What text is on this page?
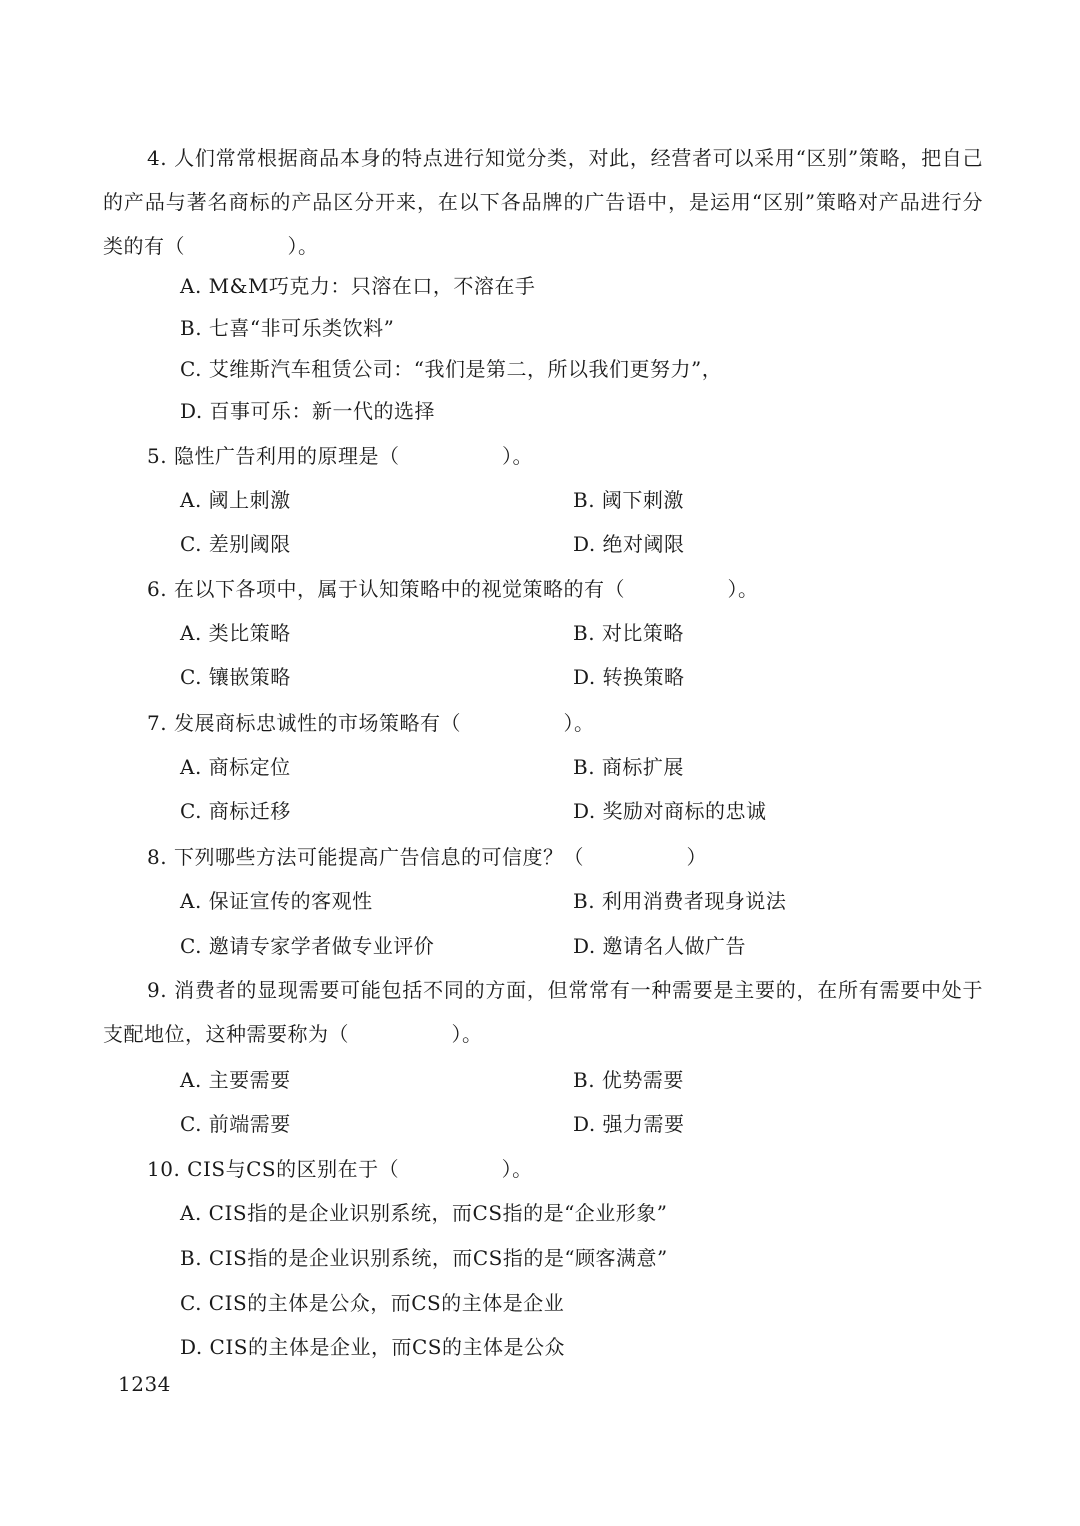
4. 人们常常根据商品本身的特点进行知觉分类，对此，经营者可以采用“区别”策略，把自己的产品与著名商标的产品区分开来，在以下各品牌的广告语中，是运用“区别”策略对产品进行分类的有（　　　　　）。
A. M&M巧克力：只溶在口，不溶在手
B. 七喜“非可乐类饮料”
C. 艾维斯汽车租赁公司：“我们是第二，所以我们更努力”，
D. 百事可乐：新一代的选择
5. 隐性广告利用的原理是（　　　　　）。
A. 阈上刺激	B. 阈下刺激
C. 差别阈限	D. 绝对阈限
6. 在以下各项中，属于认知策略中的视觉策略的有（　　　　　）。
A. 类比策略	B. 对比策略
C. 镶嵌策略	D. 转换策略
7. 发展商标忠诚性的市场策略有（　　　　　）。
A. 商标定位	B. 商标扩展
C. 商标迁移	D. 奖励对商标的忠诚
8. 下列哪些方法可能提高广告信息的可信度？（　　　　　）
A. 保证宣传的客观性	B. 利用消费者现身说法
C. 邀请专家学者做专业评价	D. 邀请名人做广告
9. 消费者的显现需要可能包括不同的方面，但常常有一种需要是主要的，在所有需要中处于支配地位，这种需要称为（　　　　　）。
A. 主要需要	B. 优势需要
C. 前端需要	D. 强力需要
10. CIS与CS的区别在于（　　　　　）。
A. CIS指的是企业识别系统，而CS指的是“企业形象”
B. CIS指的是企业识别系统，而CS指的是“顾客满意”
C. CIS的主体是公众，而CS的主体是企业
D. CIS的主体是企业，而CS的主体是公众
1234
